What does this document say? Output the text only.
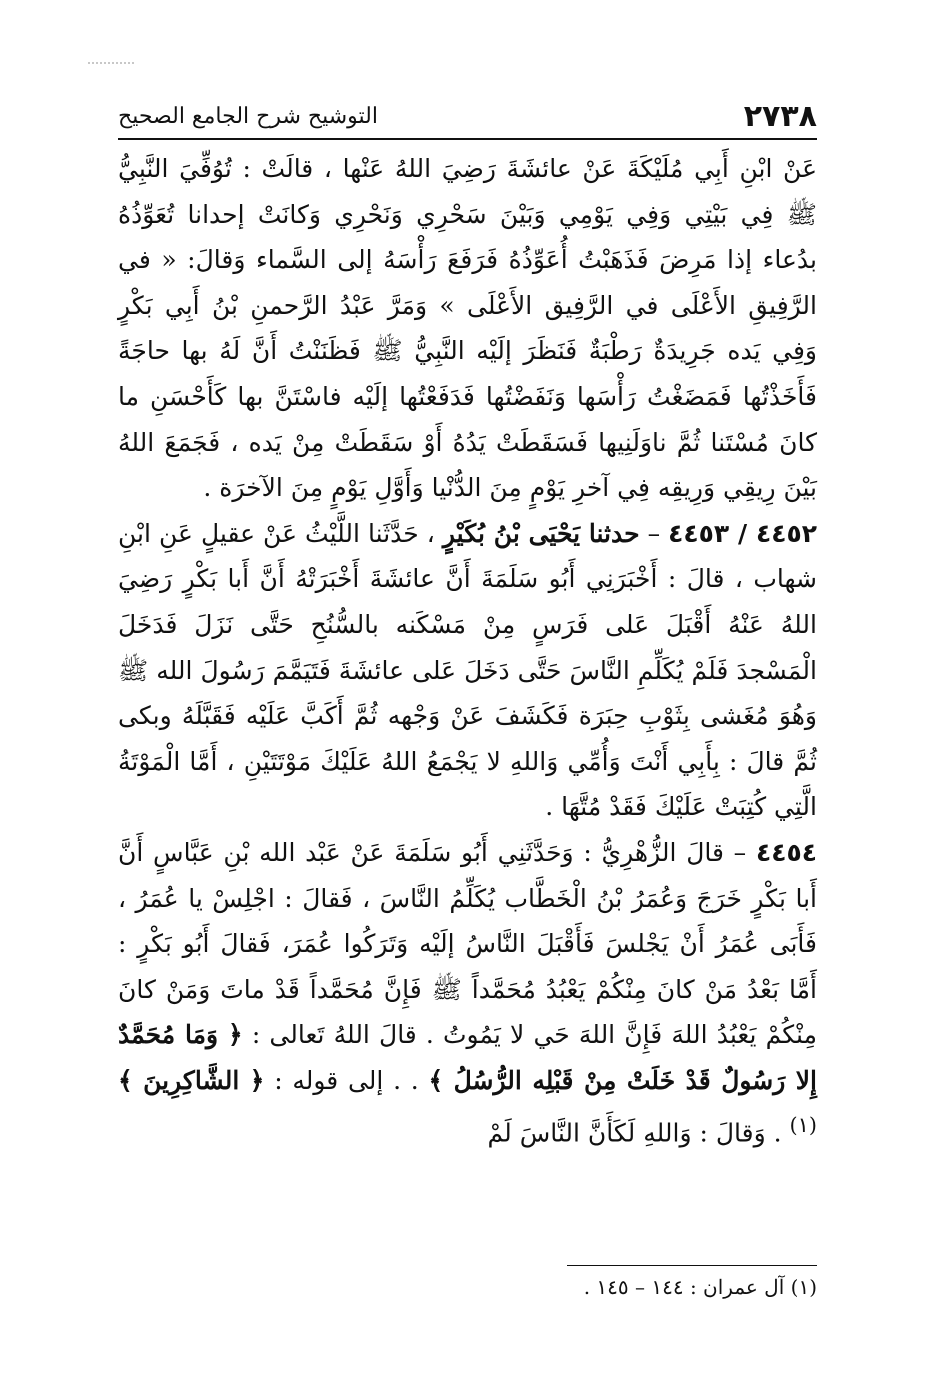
٢٧٣٨
التوشيح شرح الجامع الصحيح

عَنْ ابْنِ أَبِي مُلَيْكَةَ عَنْ عائشَةَ رَضِيَ اللهُ عَنْها ، قالَتْ : تُوُفِّيَ النَّبِيُّ ﷺ فِي بَيْتِي وَفِي يَوْمِي وَبَيْنَ سَحْرِي وَنَحْرِي وَكانَتْ إحدانا تُعَوِّذُهُ بدُعاء إذا مَرِضَ فَذَهَبْتُ أُعَوِّذُهُ فَرَفَعَ رَأْسَهُ إلى السَّماء وَقالَ: « في الرَّفِيقِ الأَعْلَى في الرَّفِيق الأَعْلَى » وَمَرَّ عَبْدُ الرَّحمنِ بْنُ أَبِي بَكْرٍ وَفِي يَده جَرِيدَةٌ رَطْبَةٌ فَنَظَرَ إلَيْه النَّبِيُّ ﷺ فَظَنَنْتُ أَنَّ لَهُ بها حاجَةً فَأَخَذْتُها فَمَضَغْتُ رَأْسَها وَنَفَضْتُها فَدَفَعْتُها إلَيْه فاسْتَنَّ بها كَأَحْسَنِ ما كانَ مُسْتَنا ثُمَّ ناوَلَنِيها فَسَقَطَتْ يَدُهُ أَوْ سَقَطَتْ مِنْ يَده ، فَجَمَعَ اللهُ بَيْنَ رِيقِي وَرِيقِه فِي آخرِ يَوْمٍ مِنَ الدُّنْيا وَأَوَّلِ يَوْمٍ مِنَ الآخرَة .

٤٤٥٢ / ٤٤٥٣ – حدثنا يَحْيَى بْنُ بُكَيْرٍ ، حَدَّثَنا اللَّيْثُ عَنْ عقيلٍ عَنِ ابْنِ شهاب ، قالَ : أَخْبَرَنِي أَبُو سَلَمَةَ أَنَّ عائشَةَ أَخْبَرَتْهُ أَنَّ أَبا بَكْرٍ رَضِيَ اللهُ عَنْهُ أَقْبَلَ عَلى فَرَسٍ مِنْ مَسْكَنه بالسُّنُحِ حَتَّى نَزَلَ فَدَخَلَ الْمَسْجدَ فَلَمْ يُكَلِّمِ النَّاسَ حَتَّى دَخَلَ عَلى عائشَةَ فَتَيَمَّمَ رَسُولَ الله ﷺ وَهُوَ مُغَشى بِثَوْبِ حِبَرَة فَكَشَفَ عَنْ وَجْهه ثُمَّ أَكَبَّ عَلَيْه فَقَبَّلَهُ وبكى ثُمَّ قالَ : بِأَبِي أَنْتَ وَأُمِّي وَاللهِ لا يَجْمَعُ اللهُ عَلَيْكَ مَوْتَتَيْنِ ، أَمَّا الْمَوْتَةُ الَّتِي كُتِبَتْ عَلَيْكَ فَقَدْ مُتَّهَا .

٤٤٥٤ – قالَ الزُّهْرِيُّ : وَحَدَّثَنِي أَبُو سَلَمَةَ عَنْ عَبْد الله بْنِ عَبَّاسٍ أَنَّ أَبا بَكْرٍ خَرَجَ وَعُمَرُ بْنُ الْخَطَّاب يُكَلِّمُ النَّاسَ ، فَقالَ : اجْلِسْ يا عُمَرُ ، فَأَبَى عُمَرُ أَنْ يَجْلسَ فَأَقْبَلَ النَّاسُ إلَيْه وَتَرَكُوا عُمَرَ، فَقالَ أَبُو بَكْرٍ : أَمَّا بَعْدُ مَنْ كانَ مِنْكُمْ يَعْبُدُ مُحَمَّداً ﷺ فَإِنَّ مُحَمَّداً قَدْ ماتَ وَمَنْ كانَ مِنْكُمْ يَعْبُدُ اللهَ فَإِنَّ اللهَ حَي لا يَمُوتُ . قالَ اللهُ تَعالى : ﴿ وَمَا مُحَمَّدٌ إِلا رَسُولٌ قَدْ خَلَتْ مِنْ قَبْلِه الرُّسُلُ ﴾ . . إلى قوله : ﴿ الشَّاكِرِينَ ﴾ $^{(١)}$ . وَقالَ : وَاللهِ لَكَأَنَّ النَّاسَ لَمْ

(١) آل عمران : ١٤٤ – ١٤٥ .
